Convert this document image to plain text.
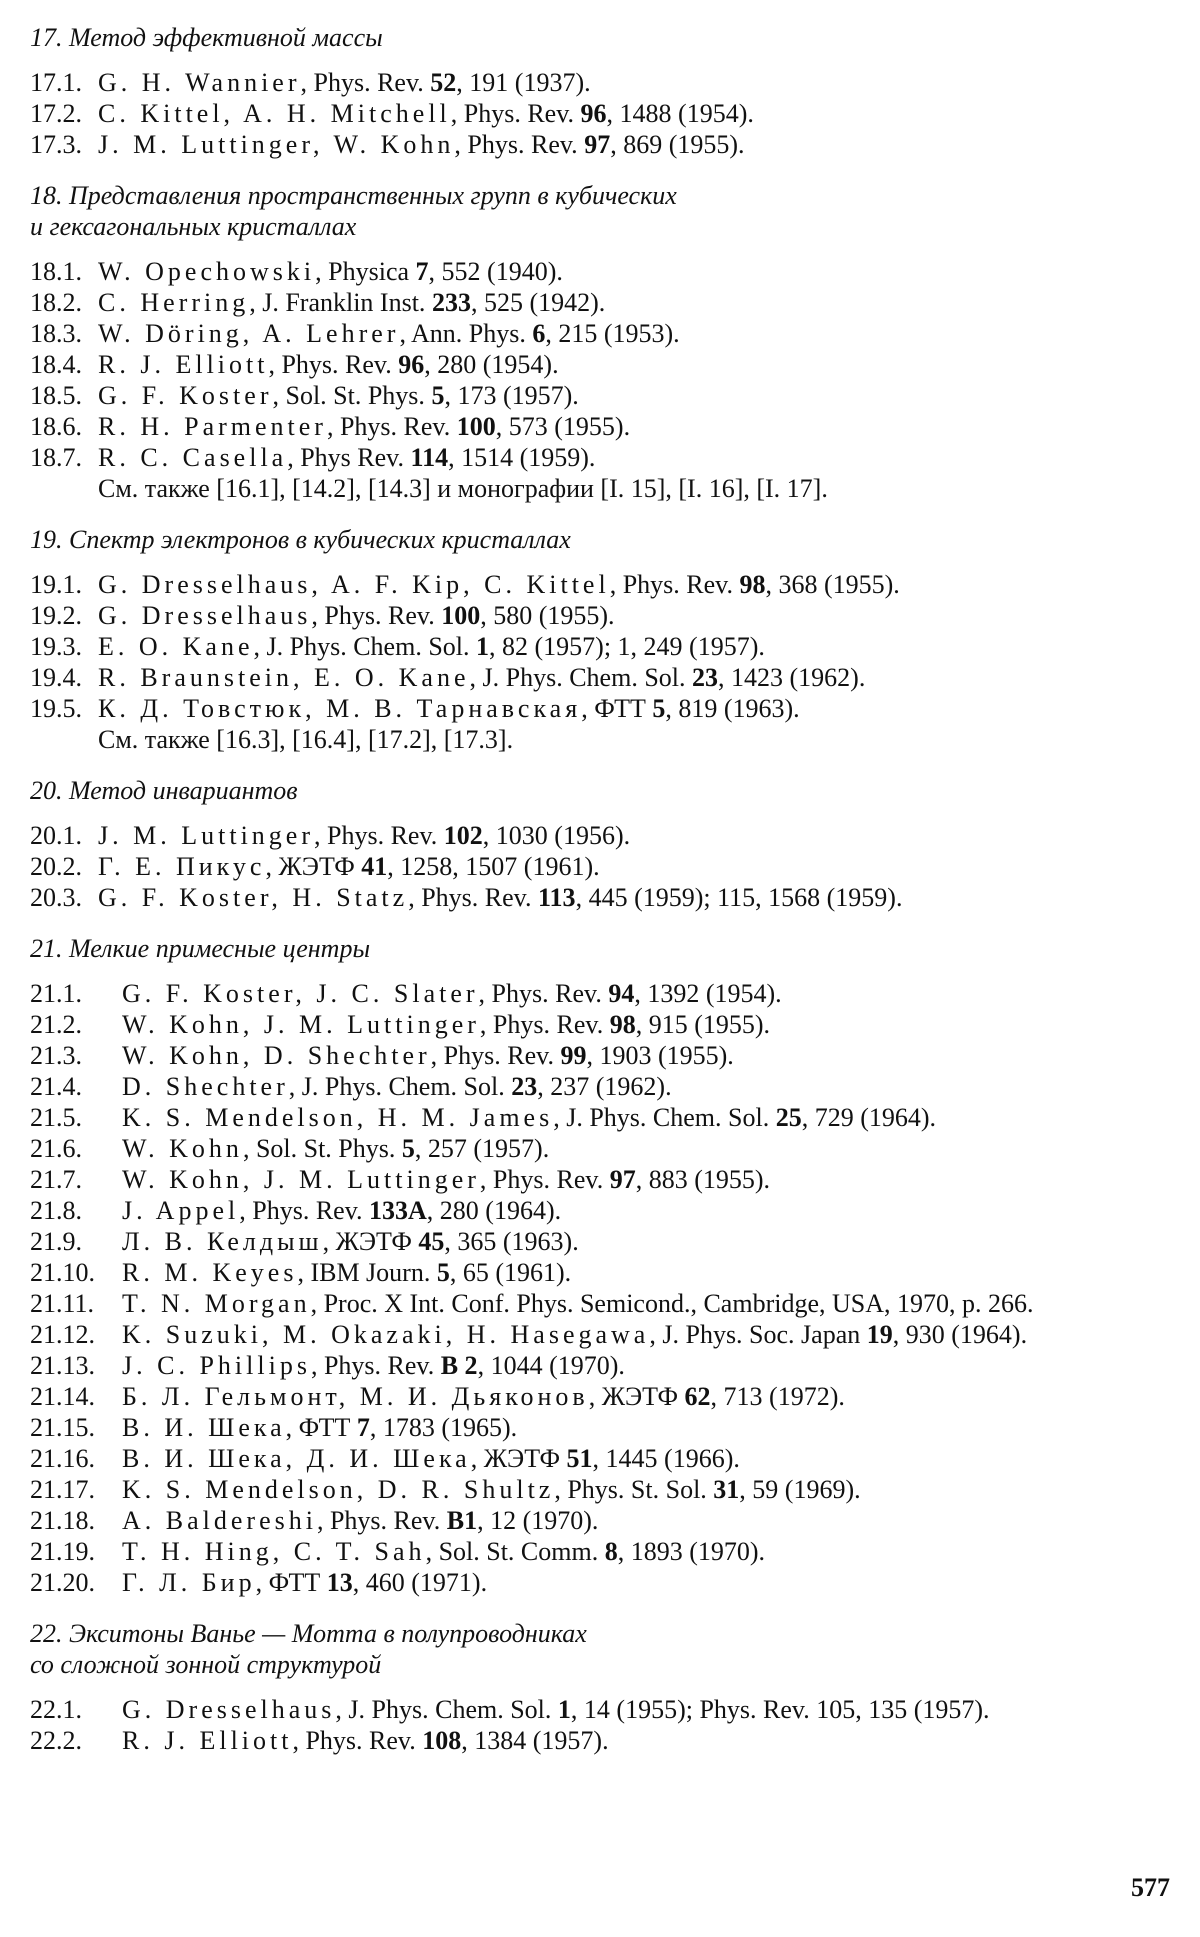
17. Метод эффективной массы
17.1. G. H. Wannier, Phys. Rev. 52, 191 (1937).
17.2. C. Kittel, A. H. Mitchell, Phys. Rev. 96, 1488 (1954).
17.3. J. M. Luttinger, W. Kohn, Phys. Rev. 97, 869 (1955).
18. Представления пространственных групп в кубических
и гексагональных кристаллах
18.1. W. Opechowski, Physica 7, 552 (1940).
18.2. C. Herring, J. Franklin Inst. 233, 525 (1942).
18.3. W. Döring, A. Lehrer, Ann. Phys. 6, 215 (1953).
18.4. R. J. Elliott, Phys. Rev. 96, 280 (1954).
18.5. G. F. Koster, Sol. St. Phys. 5, 173 (1957).
18.6. R. H. Parmenter, Phys. Rev. 100, 573 (1955).
18.7. R. C. Casella, Phys Rev. 114, 1514 (1959).
См. также [16.1], [14.2], [14.3] и монографии [I. 15], [I. 16], [I. 17].
19. Спектр электронов в кубических кристаллах
19.1. G. Dresselhaus, A. F. Kip, C. Kittel, Phys. Rev. 98, 368 (1955).
19.2. G. Dresselhaus, Phys. Rev. 100, 580 (1955).
19.3. E. O. Kane, J. Phys. Chem. Sol. 1, 82 (1957); 1, 249 (1957).
19.4. R. Braunstein, E. O. Kane, J. Phys. Chem. Sol. 23, 1423 (1962).
19.5. К. Д. Товстюк, М. В. Тарнавская, ФТТ 5, 819 (1963).
См. также [16.3], [16.4], [17.2], [17.3].
20. Метод инвариантов
20.1. J. M. Luttinger, Phys. Rev. 102, 1030 (1956).
20.2. Г. Е. Пикус, ЖЭТФ 41, 1258, 1507 (1961).
20.3. G. F. Koster, H. Statz, Phys. Rev. 113, 445 (1959); 115, 1568 (1959).
21. Мелкие примесные центры
21.1.	G. F. Koster, J. C. Slater, Phys. Rev. 94, 1392 (1954).
21.2.	W. Kohn, J. M. Luttinger, Phys. Rev. 98, 915 (1955).
21.3.	W. Kohn, D. Shechter, Phys. Rev. 99, 1903 (1955).
21.4.	D. Shechter, J. Phys. Chem. Sol. 23, 237 (1962).
21.5.	K. S. Mendelson, H. M. James, J. Phys. Chem. Sol. 25, 729 (1964).
21.6.	W. Kohn, Sol. St. Phys. 5, 257 (1957).
21.7.	W. Kohn, J. M. Luttinger, Phys. Rev. 97, 883 (1955).
21.8.	J. Appel, Phys. Rev. 133A, 280 (1964).
21.9.	Л. В. Келдыш, ЖЭТФ 45, 365 (1963).
21.10.	R. M. Keyes, IBM Journ. 5, 65 (1961).
21.11.	T. N. Morgan, Proc. X Int. Conf. Phys. Semicond., Cambridge, USA, 1970, p. 266.
21.12.	K. Suzuki, M. Okazaki, H. Hasegawa, J. Phys. Soc. Japan 19, 930 (1964).
21.13.	J. C. Phillips, Phys. Rev. B 2, 1044 (1970).
21.14.	Б. Л. Гельмонт, М. И. Дьяконов, ЖЭТФ 62, 713 (1972).
21.15.	В. И. Шека, ФТТ 7, 1783 (1965).
21.16.	В. И. Шека, Д. И. Шека, ЖЭТФ 51, 1445 (1966).
21.17.	K. S. Mendelson, D. R. Shultz, Phys. St. Sol. 31, 59 (1969).
21.18.	A. Baldereshi, Phys. Rev. B1, 12 (1970).
21.19.	T. H. Hing, C. T. Sah, Sol. St. Comm. 8, 1893 (1970).
21.20.	Г. Л. Бир, ФТТ 13, 460 (1971).
22. Экситоны Ванье — Мотта в полупроводниках
со сложной зонной структурой
22.1.	G. Dresselhaus, J. Phys. Chem. Sol. 1, 14 (1955); Phys. Rev. 105, 135 (1957).
22.2.	R. J. Elliott, Phys. Rev. 108, 1384 (1957).
577
